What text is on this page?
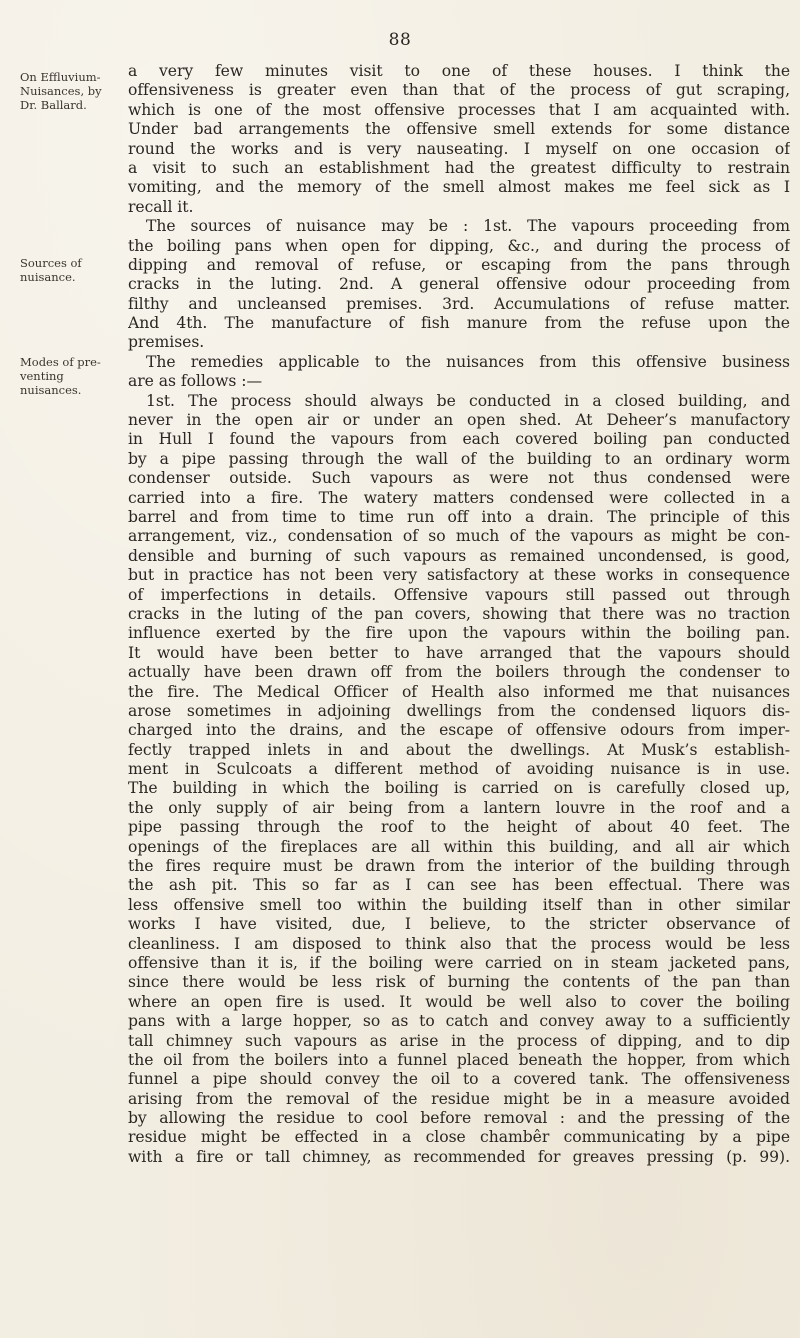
88
On Effluvium-
Nuisances, by
Dr. Ballard.
Sources of
nuisance.
Modes of pre-
venting
nuisances.
a very few minutes visit to one of these houses. I think the
offensiveness is greater even than that of the process of gut scraping,
which is one of the most offensive processes that I am acquainted with.
Under bad arrangements the offensive smell extends for some distance
round the works and is very nauseating. I myself on one occasion of
a visit to such an establishment had the greatest difficulty to restrain
vomiting, and the memory of the smell almost makes me feel sick as I
recall it.
The sources of nuisance may be : 1st. The vapours proceeding from
the boiling pans when open for dipping, &c., and during the process of
dipping and removal of refuse, or escaping from the pans through
cracks in the luting. 2nd. A general offensive odour proceeding from
filthy and uncleansed premises. 3rd. Accumulations of refuse matter.
And 4th. The manufacture of fish manure from the refuse upon the
premises.
The remedies applicable to the nuisances from this offensive business
are as follows :—
1st. The process should always be conducted in a closed building, and
never in the open air or under an open shed. At Deheer’s manufactory
in Hull I found the vapours from each covered boiling pan conducted
by a pipe passing through the wall of the building to an ordinary worm
condenser outside. Such vapours as were not thus condensed were
carried into a fire. The watery matters condensed were collected in a
barrel and from time to time run off into a drain. The principle of this
arrangement, viz., condensation of so much of the vapours as might be con-
densible and burning of such vapours as remained uncondensed, is good,
but in practice has not been very satisfactory at these works in consequence
of imperfections in details. Offensive vapours still passed out through
cracks in the luting of the pan covers, showing that there was no traction
influence exerted by the fire upon the vapours within the boiling pan.
It would have been better to have arranged that the vapours should
actually have been drawn off from the boilers through the condenser to
the fire. The Medical Officer of Health also informed me that nuisances
arose sometimes in adjoining dwellings from the condensed liquors dis-
charged into the drains, and the escape of offensive odours from imper-
fectly trapped inlets in and about the dwellings. At Musk’s establish-
ment in Sculcoats a different method of avoiding nuisance is in use.
The building in which the boiling is carried on is carefully closed up,
the only supply of air being from a lantern louvre in the roof and a
pipe passing through the roof to the height of about 40 feet. The
openings of the fireplaces are all within this building, and all air which
the fires require must be drawn from the interior of the building through
the ash pit. This so far as I can see has been effectual. There was
less offensive smell too within the building itself than in other similar
works I have visited, due, I believe, to the stricter observance of
cleanliness. I am disposed to think also that the process would be less
offensive than it is, if the boiling were carried on in steam jacketed pans,
since there would be less risk of burning the contents of the pan than
where an open fire is used. It would be well also to cover the boiling
pans with a large hopper, so as to catch and convey away to a sufficiently
tall chimney such vapours as arise in the process of dipping, and to dip
the oil from the boilers into a funnel placed beneath the hopper, from which
funnel a pipe should convey the oil to a covered tank. The offensiveness
arising from the removal of the residue might be in a measure avoided
by allowing the residue to cool before removal : and the pressing of the
residue might be effected in a close chambêr communicating by a pipe
with a fire or tall chimney, as recommended for greaves pressing (p. 99).
